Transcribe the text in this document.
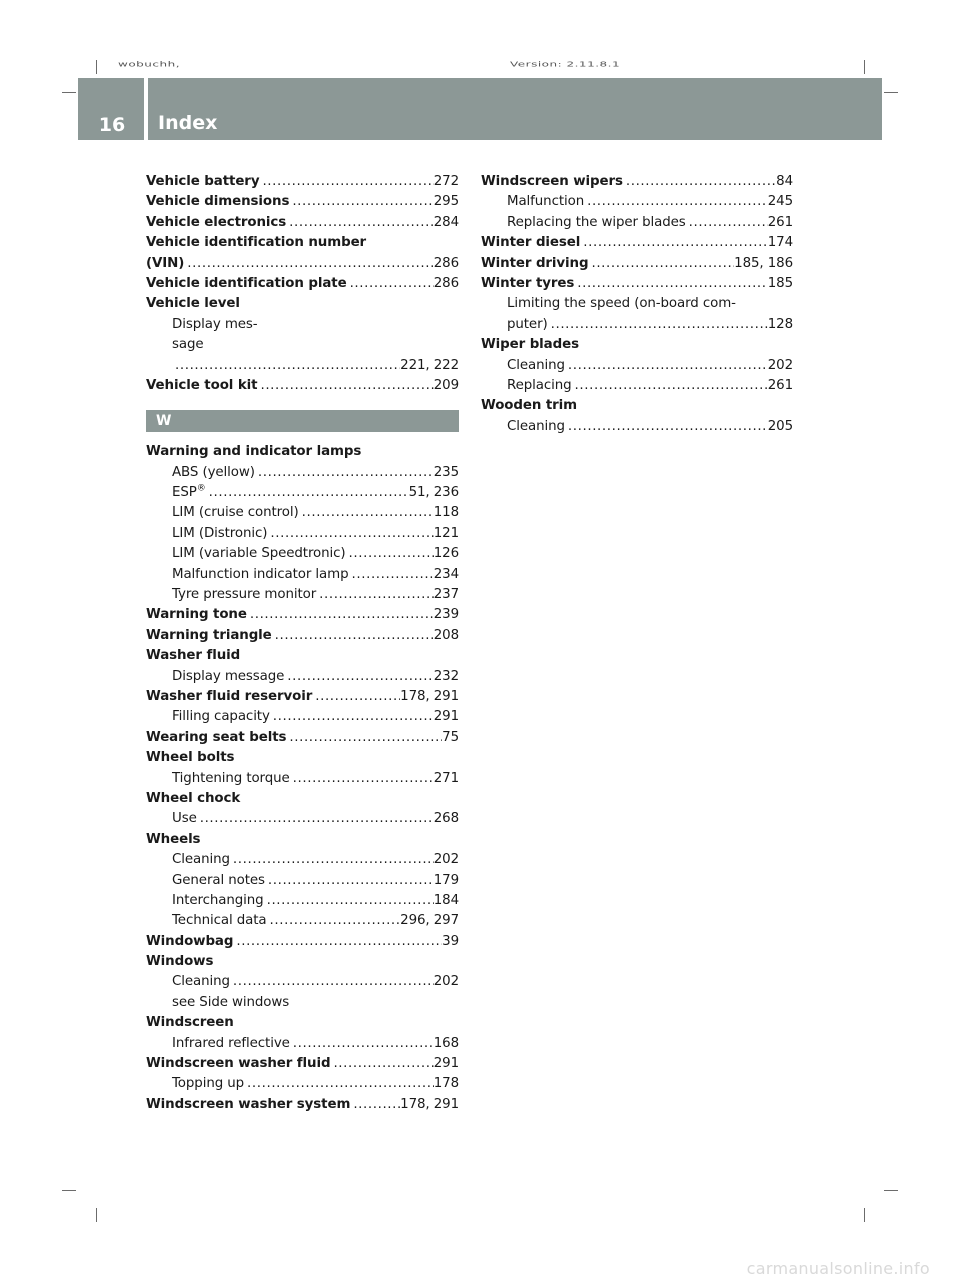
wobuchh,	Version: 2.11.8.1
16	Index
Vehicle battery .....	272
Vehicle dimensions .....	295
Vehicle electronics .....	284
Vehicle identification number
(VIN) .....	286
Vehicle identification plate .....	286
Vehicle level
Display mes-
sage
.....
221, 222
Vehicle tool kit .....	209
W
Warning and indicator lamps
ABS (yellow) .....	235
ESP® .....	51, 236
LIM (cruise control) .....	118
LIM (Distronic) .....	121
LIM (variable Speedtronic) .....	126
Malfunction indicator lamp .....	234
Tyre pressure monitor .....	237
Warning tone .....	239
Warning triangle .....	208
Washer fluid
Display message .....	232
Washer fluid reservoir .....	178, 291
Filling capacity .....	291
Wearing seat belts .....	75
Wheel bolts
Tightening torque .....	271
Wheel chock
Use .....	268
Wheels
Cleaning .....	202
General notes .....	179
Interchanging .....	184
Technical data .....	296, 297
Windowbag .....	39
Windows
Cleaning .....	202
see Side windows
Windscreen
Infrared reflective .....	168
Windscreen washer fluid .....	291
Topping up .....	178
Windscreen washer system .....	178, 291
Windscreen wipers .....	84
Malfunction .....	245
Replacing the wiper blades .....	261
Winter diesel .....	174
Winter driving .....	185, 186
Winter tyres .....	185
Limiting the speed (on-board com-
puter) .....	128
Wiper blades
Cleaning .....	202
Replacing .....	261
Wooden trim
Cleaning .....	205
carmanualsonline.info
